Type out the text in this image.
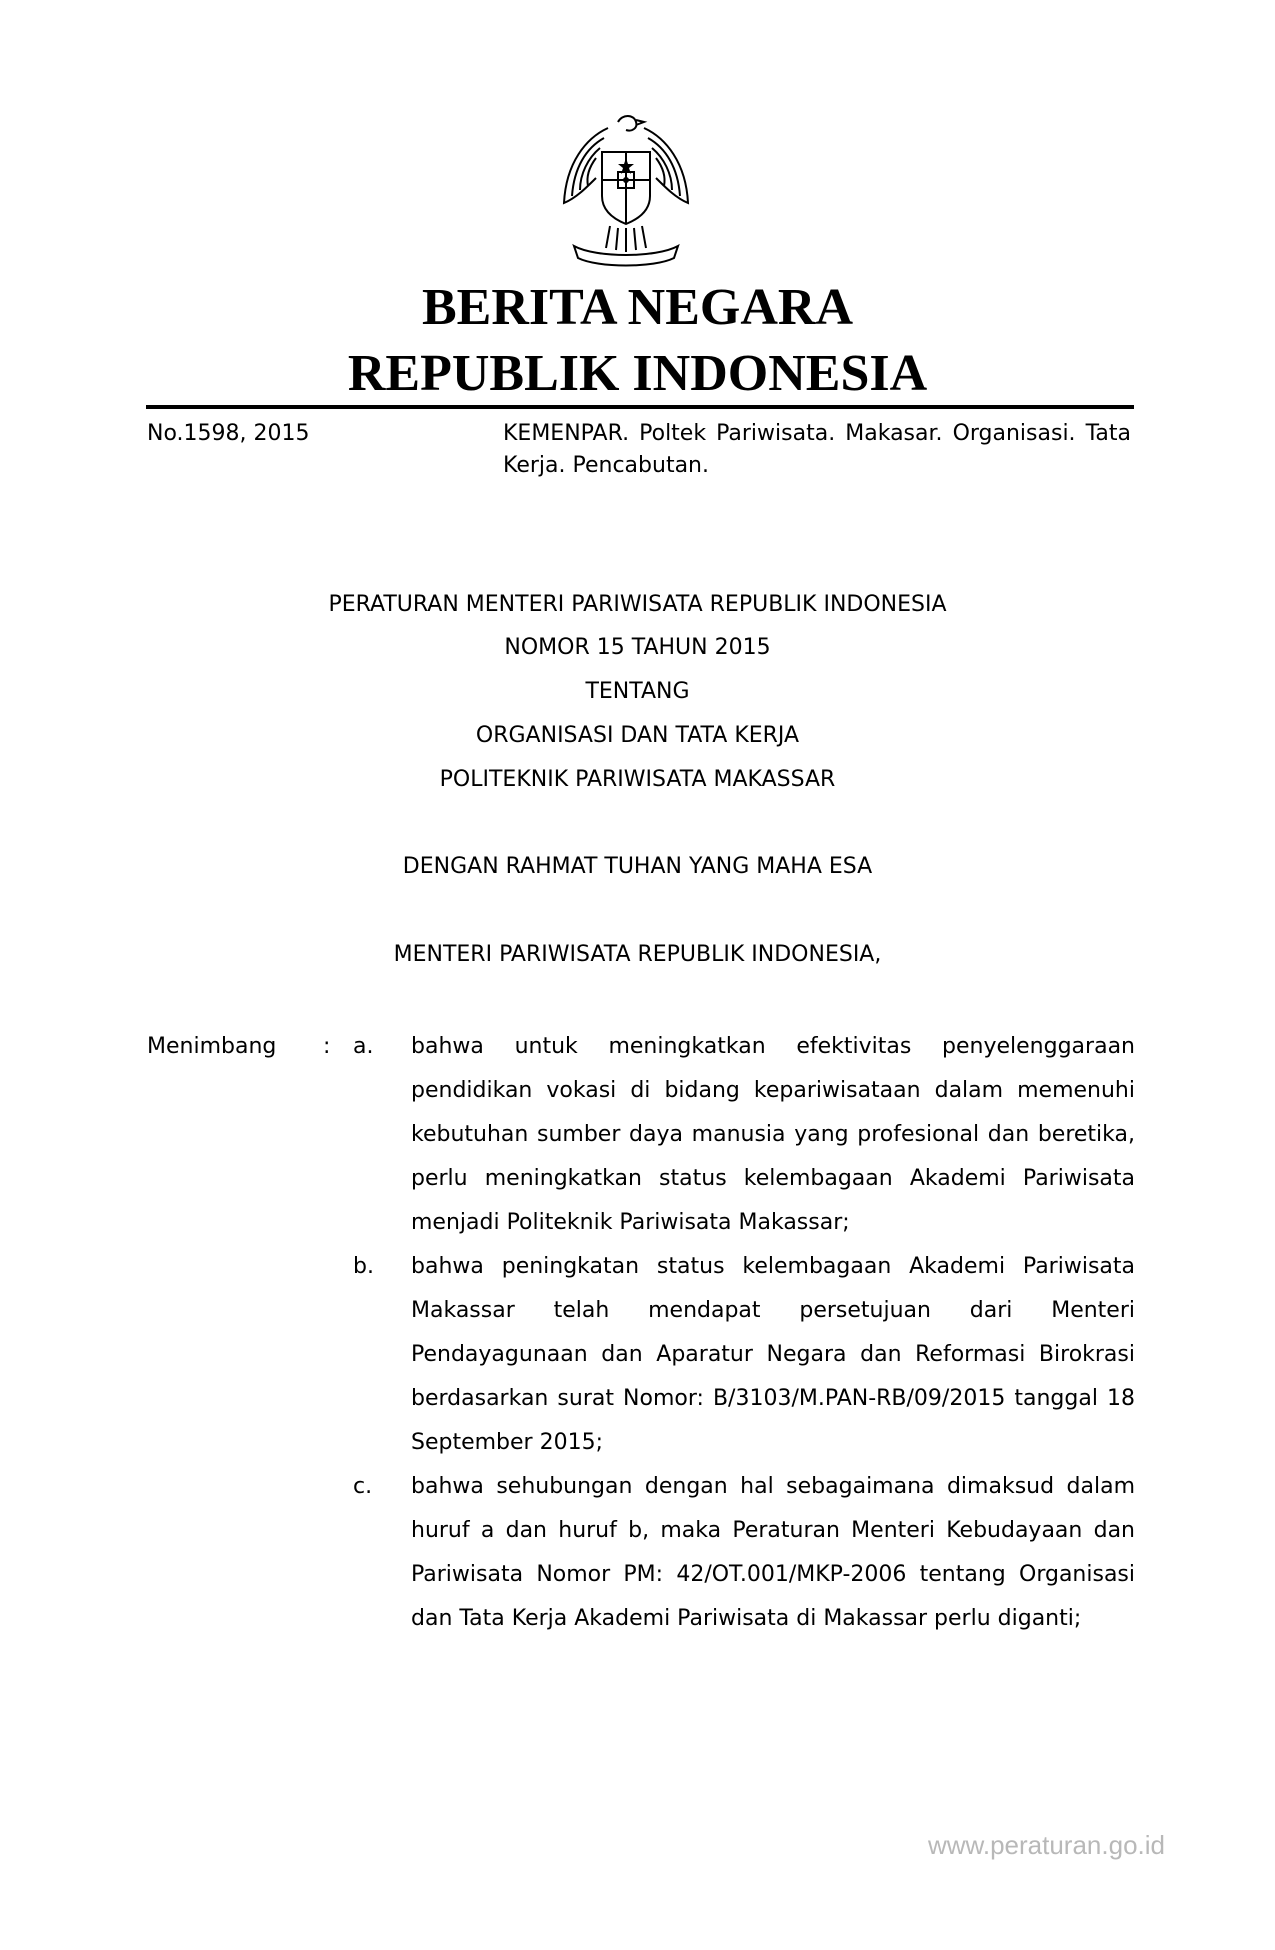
BERITA NEGARA
REPUBLIK INDONESIA
No.1598, 2015	KEMENPAR. Poltek Pariwisata. Makasar. Organisasi. Tata Kerja. Pencabutan.
PERATURAN MENTERI PARIWISATA REPUBLIK INDONESIA
NOMOR 15 TAHUN 2015
TENTANG
ORGANISASI DAN TATA KERJA
POLITEKNIK PARIWISATA MAKASSAR
DENGAN RAHMAT TUHAN YANG MAHA ESA
MENTERI PARIWISATA REPUBLIK INDONESIA,
Menimbang : a. bahwa untuk meningkatkan efektivitas penyelenggaraan pendidikan vokasi di bidang kepariwisataan dalam memenuhi kebutuhan sumber daya manusia yang profesional dan beretika, perlu meningkatkan status kelembagaan Akademi Pariwisata menjadi Politeknik Pariwisata Makassar;
b. bahwa peningkatan status kelembagaan Akademi Pariwisata Makassar telah mendapat persetujuan dari Menteri Pendayagunaan dan Aparatur Negara dan Reformasi Birokrasi berdasarkan surat Nomor: B/3103/M.PAN-RB/09/2015 tanggal 18 September 2015;
c. bahwa sehubungan dengan hal sebagaimana dimaksud dalam huruf a dan huruf b, maka Peraturan Menteri Kebudayaan dan Pariwisata Nomor PM: 42/OT.001/MKP-2006 tentang Organisasi dan Tata Kerja Akademi Pariwisata di Makassar perlu diganti;
www.peraturan.go.id
